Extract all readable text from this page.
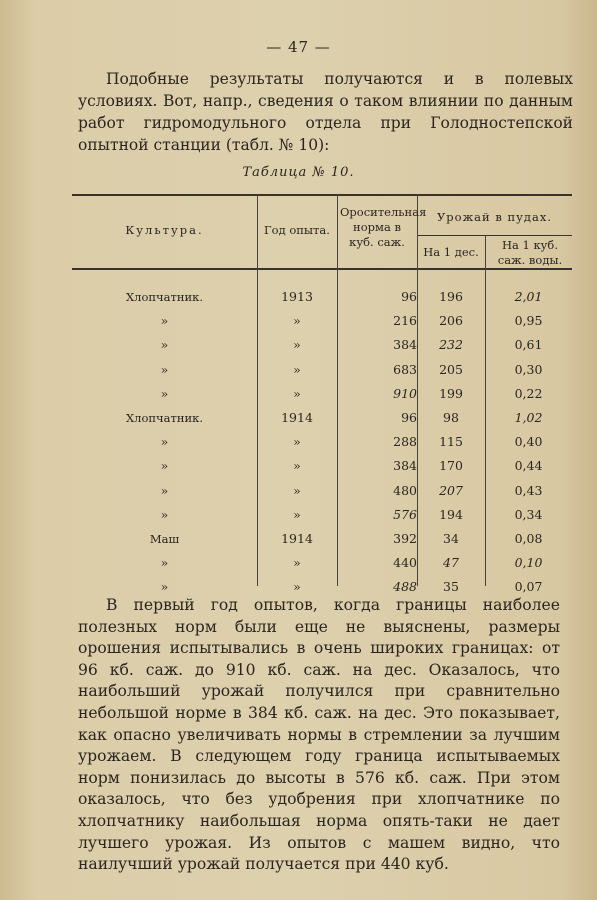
— 47 —
Подобные результаты получаются и в полевых условиях. Вот, напр., сведения о таком влиянии по данным работ гидромодульного отдела при Голодностепской опытной станции (табл. № 10):
Таблица № 10.
Культура.	Год опыта.
Оросительная норма в куб. саж.
Урожай в пудах.
На 1 дес.	На 1 куб. саж. воды.
Хлопчатник.	1913	96	196	2,01
»	»	216	206	0,95
»	»	384	232	0,61
»	»	683	205	0,30
»	»	910	199	0,22
Хлопчатник.	1914	96	98	1,02
»	»	288	115	0,40
»	»	384	170	0,44
»	»	480	207	0,43
»	»	576	194	0,34
Маш	1914	392	34	0,08
»	»	440	47	0,10
»	»	488	35	0,07
В первый год опытов, когда границы наиболее полезных норм были еще не выяснены, размеры орошения испытывались в очень широких границах: от 96 кб. саж. до 910 кб. саж. на дес. Оказалось, что наибольший урожай получился при сравнительно небольшой норме в 384 кб. саж. на дес. Это показывает, как опасно увеличивать нормы в стремлении за лучшим урожаем. В следующем году граница испытываемых норм понизилась до высоты в 576 кб. саж. При этом оказалось, что без удобрения при хлопчатнике по хлопчатнику наибольшая норма опять-таки не дает лучшего урожая. Из опытов с машем видно, что наилучший урожай получается при 440 куб.
